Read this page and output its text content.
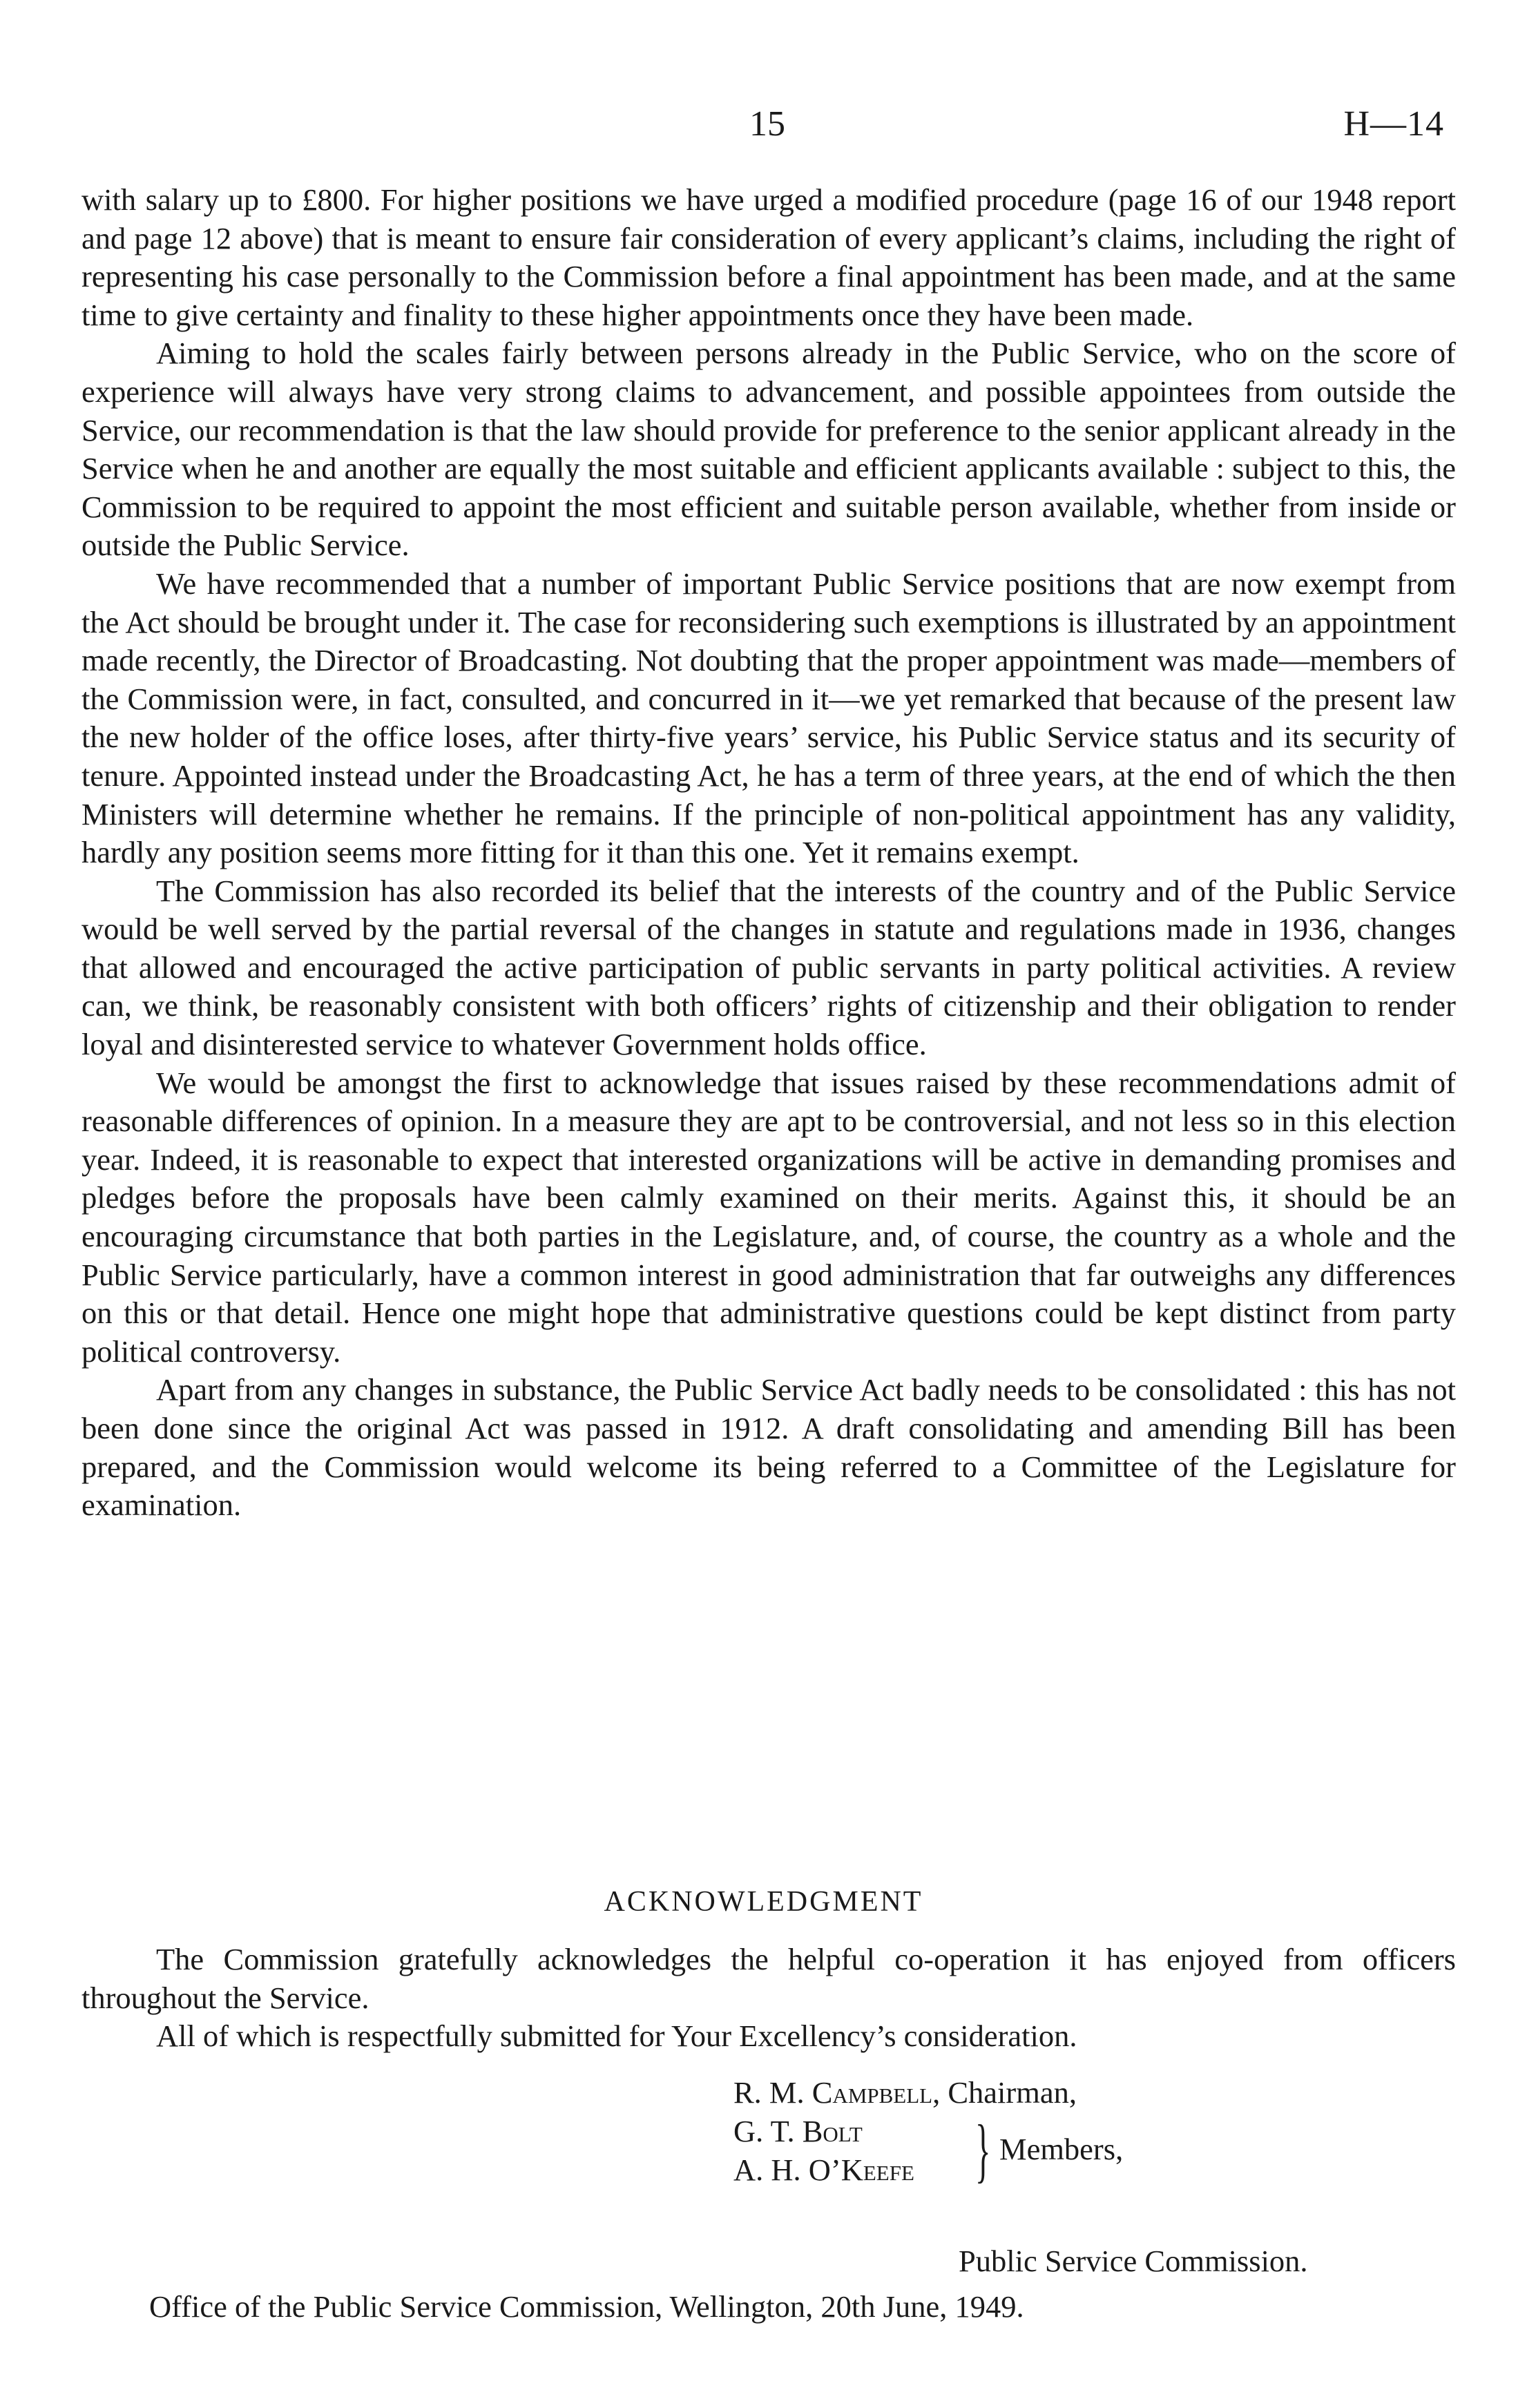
15	H—14

with salary up to £800. For higher positions we have urged a modified procedure (page 16 of our 1948 report and page 12 above) that is meant to ensure fair consideration of every applicant’s claims, including the right of representing his case personally to the Commission before a final appointment has been made, and at the same time to give certainty and finality to these higher appointments once they have been made.

Aiming to hold the scales fairly between persons already in the Public Service, who on the score of experience will always have very strong claims to advancement, and possible appointees from outside the Service, our recommendation is that the law should provide for preference to the senior applicant already in the Service when he and another are equally the most suitable and efficient applicants available : subject to this, the Commission to be required to appoint the most efficient and suitable person available, whether from inside or outside the Public Service.

We have recommended that a number of important Public Service positions that are now exempt from the Act should be brought under it. The case for reconsidering such exemptions is illustrated by an appointment made recently, the Director of Broadcasting. Not doubting that the proper appointment was made—members of the Commission were, in fact, consulted, and concurred in it—we yet remarked that because of the present law the new holder of the office loses, after thirty-five years’ service, his Public Service status and its security of tenure. Appointed instead under the Broadcasting Act, he has a term of three years, at the end of which the then Ministers will determine whether he remains. If the principle of non-political appointment has any validity, hardly any position seems more fitting for it than this one. Yet it remains exempt.

The Commission has also recorded its belief that the interests of the country and of the Public Service would be well served by the partial reversal of the changes in statute and regulations made in 1936, changes that allowed and encouraged the active participation of public servants in party political activities. A review can, we think, be reasonably consistent with both officers’ rights of citizenship and their obligation to render loyal and disinterested service to whatever Government holds office.

We would be amongst the first to acknowledge that issues raised by these recommendations admit of reasonable differences of opinion. In a measure they are apt to be controversial, and not less so in this election year. Indeed, it is reasonable to expect that interested organizations will be active in demanding promises and pledges before the proposals have been calmly examined on their merits. Against this, it should be an encouraging circumstance that both parties in the Legislature, and, of course, the country as a whole and the Public Service particularly, have a common interest in good administration that far outweighs any differences on this or that detail. Hence one might hope that administrative questions could be kept distinct from party political controversy.

Apart from any changes in substance, the Public Service Act badly needs to be consolidated : this has not been done since the original Act was passed in 1912. A draft consolidating and amending Bill has been prepared, and the Commission would welcome its being referred to a Committee of the Legislature for examination.

ACKNOWLEDGMENT

The Commission gratefully acknowledges the helpful co-operation it has enjoyed from officers throughout the Service.

All of which is respectfully submitted for Your Excellency’s consideration.

R. M. Campbell, Chairman,
G. T. Bolt
A. H. O’Keefe } Members,
Public Service Commission.
Office of the Public Service Commission, Wellington, 20th June, 1949.
